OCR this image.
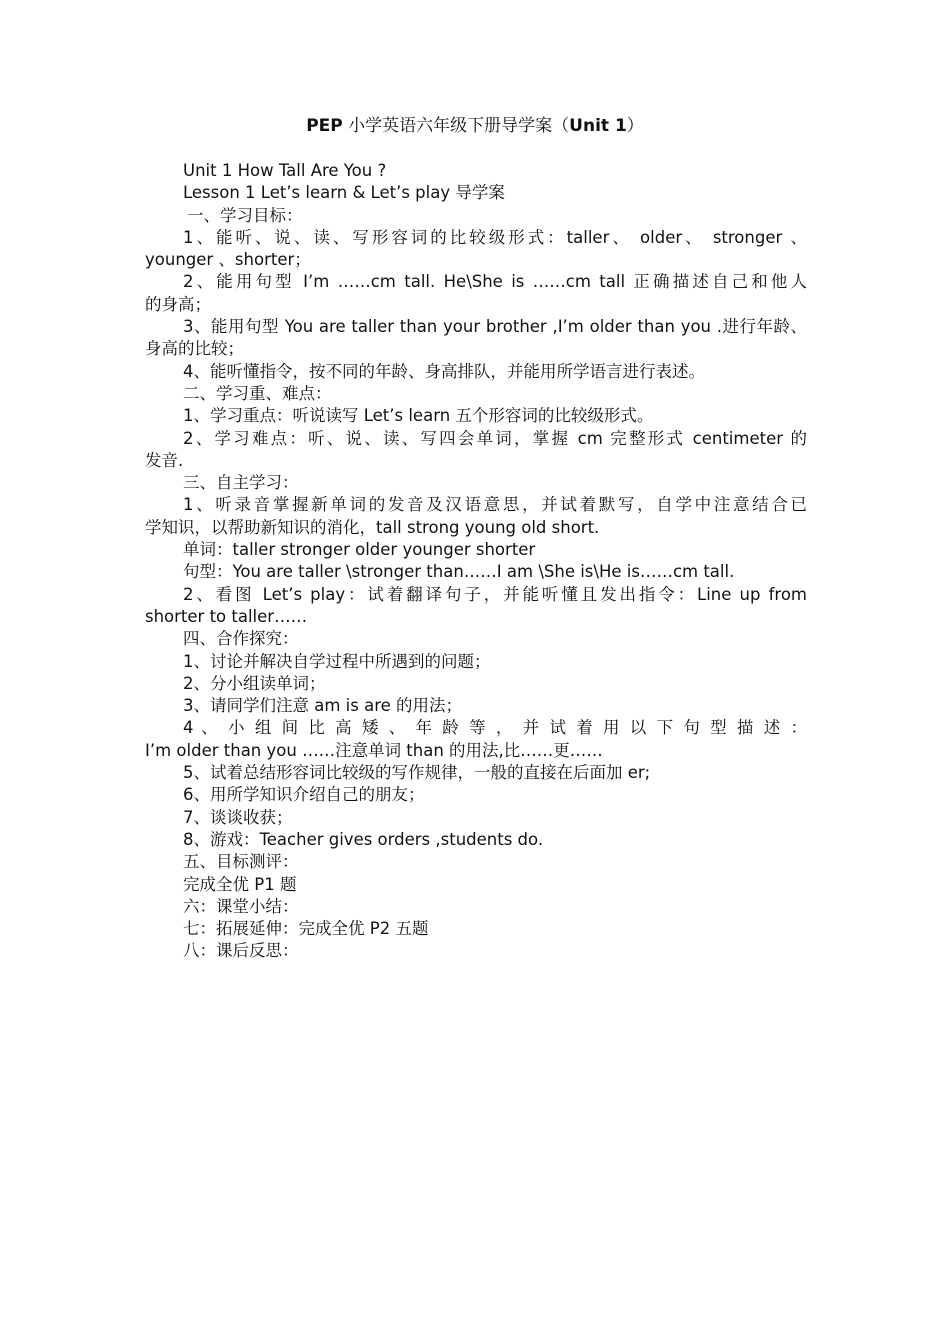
PEP 小学英语六年级下册导学案（Unit 1）
Unit 1 How Tall Are You ?
Lesson 1 Let’s learn & Let’s play 导学案
一、学习目标：
1、能听、说、读、写形容词的比较级形式：taller、 older、 stronger 、
younger 、shorter；
2、能用句型 I’m ……cm tall. He\She is ……cm tall 正确描述自己和他人
的身高；
3、能用句型 You are taller than your brother ,I’m older than you .进行年龄、
身高的比较；
4、能听懂指令，按不同的年龄、身高排队，并能用所学语言进行表述。
二、学习重、难点：
1、学习重点：听说读写 Let’s learn 五个形容词的比较级形式。
2、学习难点：听、说、读、写四会单词，掌握 cm 完整形式 centimeter 的
发音.
三、自主学习：
1、听录音掌握新单词的发音及汉语意思，并试着默写，自学中注意结合已
学知识，以帮助新知识的消化，tall strong young old short.
单词：taller stronger older younger shorter
句型：You are taller \stronger than……I am \She is\He is……cm tall.
2、看图 Let’s play：试着翻译句子，并能听懂且发出指令：Line up from
shorter to taller……
四、合作探究：
1、讨论并解决自学过程中所遇到的问题；
2、分小组读单词；
3、请同学们注意 am is are 的用法；
4 、 小 组 间 比 高 矮 、 年 龄 等 ， 并 试 着 用 以 下 句 型 描 述 ：
I’m older than you ……注意单词 than 的用法,比……更……
5、试着总结形容词比较级的写作规律，一般的直接在后面加 er;
6、用所学知识介绍自己的朋友；
7、谈谈收获；
8、游戏：Teacher gives orders ,students do.
五、目标测评：
完成全优 P1 题
六：课堂小结：
七：拓展延伸：完成全优 P2 五题
八：课后反思：
